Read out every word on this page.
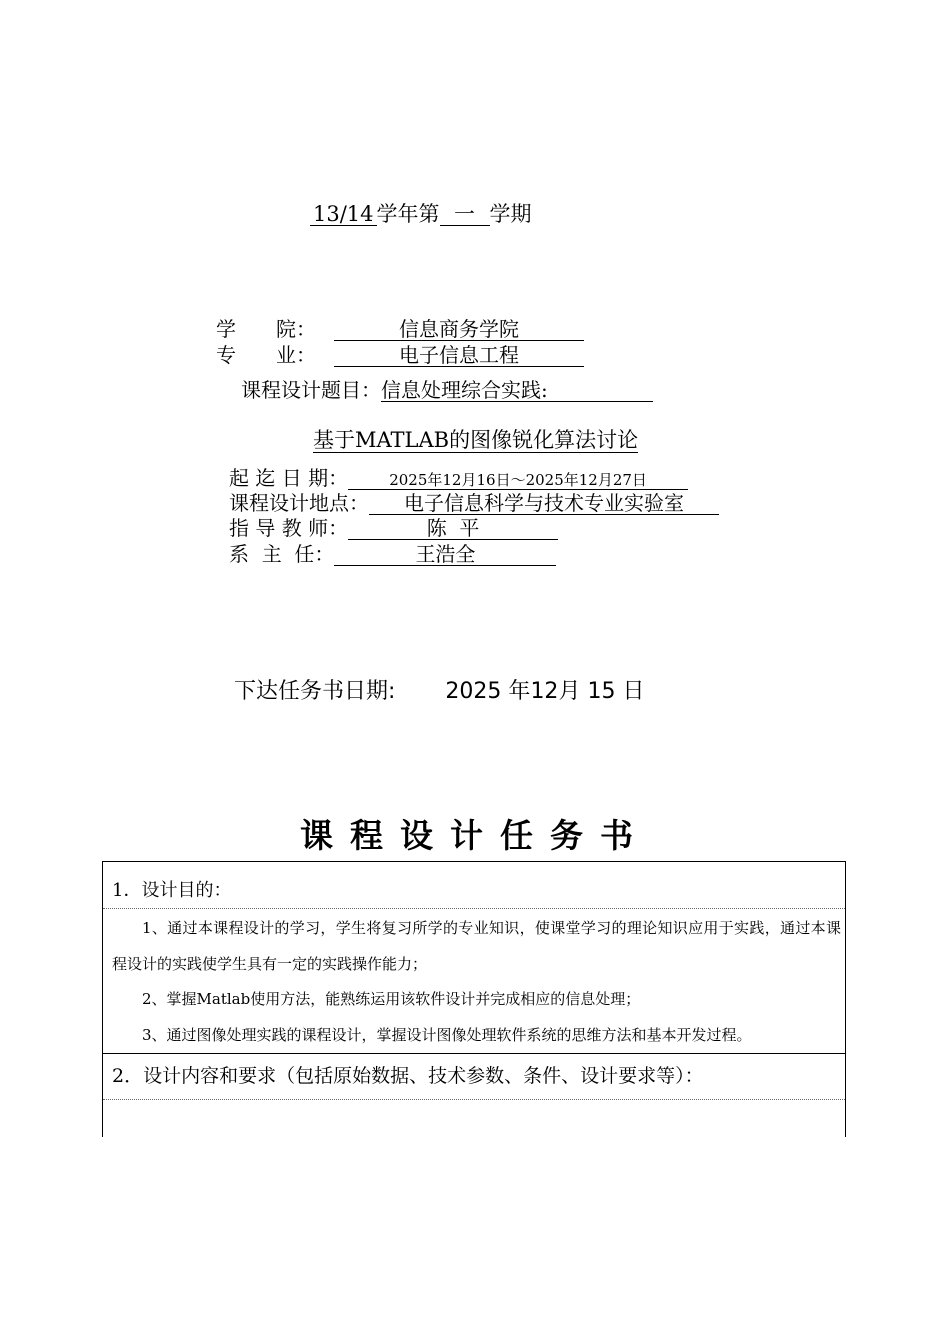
13/14 学年第 一 学期
学　　院：	信息商务学院
专　　业：	电子信息工程
课程设计题目：信息处理综合实践:
基于MATLAB的图像锐化算法讨论
起 迄 日 期：	2025年12月16日～2025年12月27日
课程设计地点： 电子信息科学与技术专业实验室
指 导 教 师：	陈  平
系  主  任：	王浩全
下达任务书日期: 2025 年12月 15 日
课程设计任务书
1．设计目的：

1、通过本课程设计的学习，学生将复习所学的专业知识，使课堂学习的理论知识应用于实践，通过本课程设计的实践使学生具有一定的实践操作能力；

2、掌握Matlab使用方法，能熟练运用该软件设计并完成相应的信息处理；

3、通过图像处理实践的课程设计，掌握设计图像处理软件系统的思维方法和基本开发过程。

2．设计内容和要求（包括原始数据、技术参数、条件、设计要求等）：
